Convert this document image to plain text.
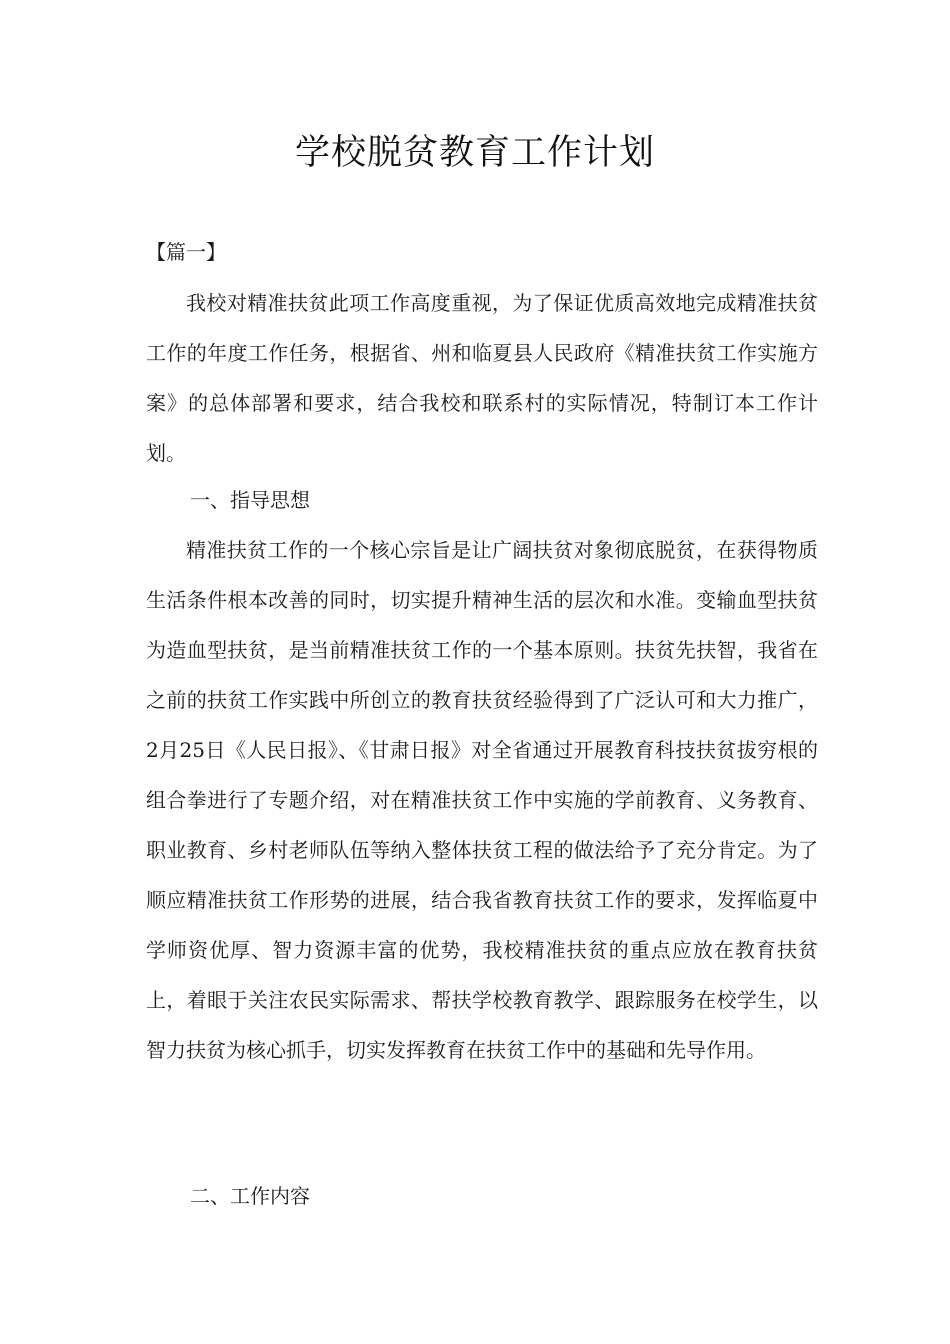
学校脱贫教育工作计划
【篇一】

我校对精准扶贫此项工作高度重视，为了保证优质高效地完成精准扶贫工作的年度工作任务，根据省、州和临夏县人民政府《精准扶贫工作实施方案》的总体部署和要求，结合我校和联系村的实际情况，特制订本工作计划。

一、指导思想

精准扶贫工作的一个核心宗旨是让广阔扶贫对象彻底脱贫，在获得物质生活条件根本改善的同时，切实提升精神生活的层次和水准。变输血型扶贫为造血型扶贫，是当前精准扶贫工作的一个基本原则。扶贫先扶智，我省在之前的扶贫工作实践中所创立的教育扶贫经验得到了广泛认可和大力推广，2月25日《人民日报》、《甘肃日报》对全省通过开展教育科技扶贫拔穷根的组合拳进行了专题介绍，对在精准扶贫工作中实施的学前教育、义务教育、职业教育、乡村老师队伍等纳入整体扶贫工程的做法给予了充分肯定。为了顺应精准扶贫工作形势的进展，结合我省教育扶贫工作的要求，发挥临夏中学师资优厚、智力资源丰富的优势，我校精准扶贫的重点应放在教育扶贫上，着眼于关注农民实际需求、帮扶学校教育教学、跟踪服务在校学生，以智力扶贫为核心抓手，切实发挥教育在扶贫工作中的基础和先导作用。

二、工作内容
